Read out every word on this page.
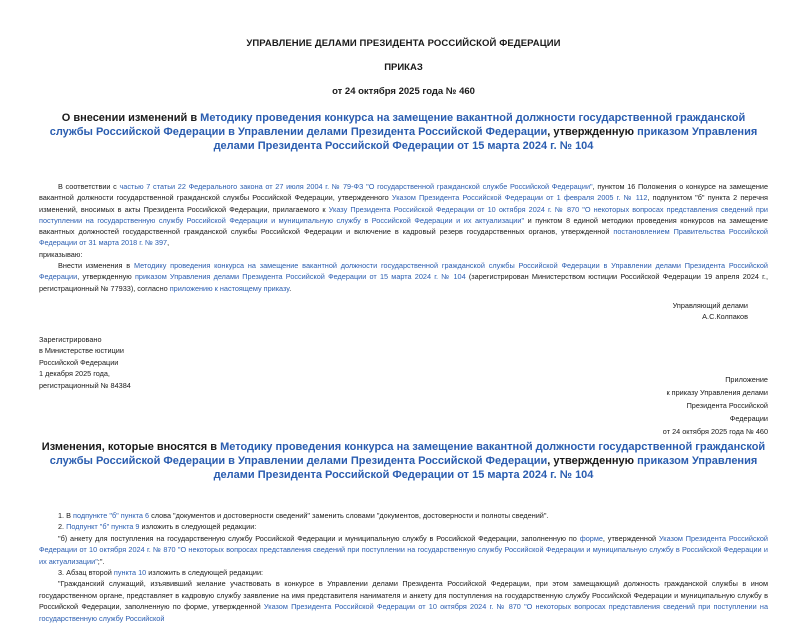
УПРАВЛЕНИЕ ДЕЛАМИ ПРЕЗИДЕНТА РОССИЙСКОЙ ФЕДЕРАЦИИ
ПРИКАЗ
от 24 октября 2025 года № 460
О внесении изменений в Методику проведения конкурса на замещение вакантной должности государственной гражданской службы Российской Федерации в Управлении делами Президента Российской Федерации, утвержденную приказом Управления делами Президента Российской Федерации от 15 марта 2024 г. № 104
В соответствии с частью 7 статьи 22 Федерального закона от 27 июля 2004 г. № 79-ФЗ "О государственной гражданской службе Российской Федерации", пунктом 16 Положения о конкурсе на замещение вакантной должности государственной гражданской службы Российской Федерации, утвержденного Указом Президента Российской Федерации от 1 февраля 2005 г. № 112, подпунктом "б" пункта 2 перечня изменений, вносимых в акты Президента Российской Федерации, прилагаемого к Указу Президента Российской Федерации от 10 октября 2024 г. № 870 "О некоторых вопросах представления сведений при поступлении на государственную службу Российской Федерации и муниципальную службу в Российской Федерации и их актуализации" и пунктом 8 единой методики проведения конкурсов на замещение вакантных должностей государственной гражданской службы Российской Федерации и включение в кадровый резерв государственных органов, утвержденной постановлением Правительства Российской Федерации от 31 марта 2018 г. № 397,
приказываю:
Внести изменения в Методику проведения конкурса на замещение вакантной должности государственной гражданской службы Российской Федерации в Управлении делами Президента Российской Федерации, утвержденную приказом Управления делами Президента Российской Федерации от 15 марта 2024 г. № 104 (зарегистрирован Министерством юстиции Российской Федерации 19 апреля 2024 г., регистрационный № 77933), согласно приложению к настоящему приказу.
Управляющий делами
А.С.Колпаков
Зарегистрировано
в Министерстве юстиции
Российской Федерации
1 декабря 2025 года,
регистрационный № 84384
Приложение
к приказу Управления делами
Президента Российской
Федерации
от 24 октября 2025 года № 460
Изменения, которые вносятся в Методику проведения конкурса на замещение вакантной должности государственной гражданской службы Российской Федерации в Управлении делами Президента Российской Федерации, утвержденную приказом Управления делами Президента Российской Федерации от 15 марта 2024 г. № 104
1. В подпункте "б" пункта 6 слова "документов и достоверности сведений" заменить словами "документов, достоверности и полноты сведений".
2. Подпункт "б" пункта 9 изложить в следующей редакции:
"б) анкету для поступления на государственную службу Российской Федерации и муниципальную службу в Российской Федерации, заполненную по форме, утвержденной Указом Президента Российской Федерации от 10 октября 2024 г. № 870 "О некоторых вопросах представления сведений при поступлении на государственную службу Российской Федерации и муниципальную службу в Российской Федерации и их актуализации";".
3. Абзац второй пункта 10 изложить в следующей редакции:
"Гражданский служащий, изъявивший желание участвовать в конкурсе в Управлении делами Президента Российской Федерации, при этом замещающий должность гражданской службы в ином государственном органе, представляет в кадровую службу заявление на имя представителя нанимателя и анкету для поступления на государственную службу Российской Федерации и муниципальную службу в Российской Федерации, заполненную по форме, утвержденной Указом Президента Российской Федерации от 10 октября 2024 г. № 870 "О некоторых вопросах представления сведений при поступлении на государственную службу Российской
